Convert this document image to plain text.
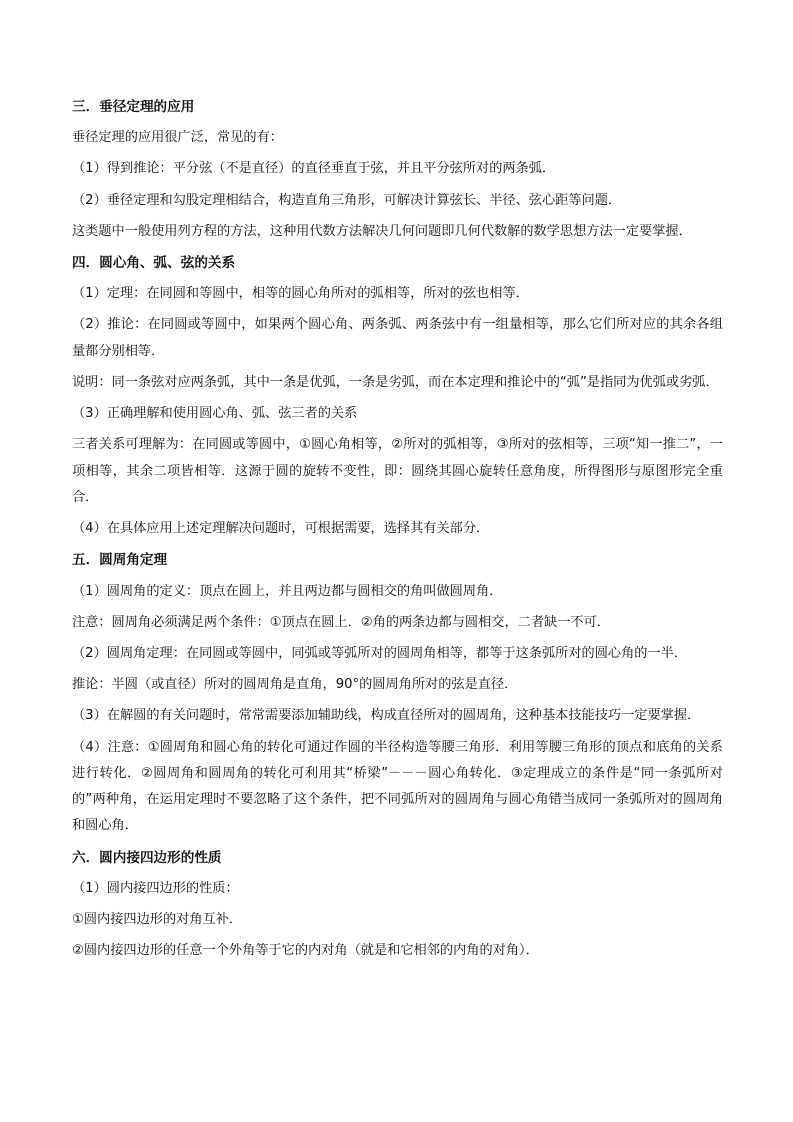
三．垂径定理的应用
垂径定理的应用很广泛，常见的有：
（1）得到推论：平分弦（不是直径）的直径垂直于弦，并且平分弦所对的两条弧．
（2）垂径定理和勾股定理相结合，构造直角三角形，可解决计算弦长、半径、弦心距等问题．
这类题中一般使用列方程的方法，这种用代数方法解决几何问题即几何代数解的数学思想方法一定要掌握．
四．圆心角、弧、弦的关系
（1）定理：在同圆和等圆中，相等的圆心角所对的弧相等，所对的弦也相等．
（2）推论：在同圆或等圆中，如果两个圆心角、两条弧、两条弦中有一组量相等，那么它们所对应的其余各组量都分别相等．
说明：同一条弦对应两条弧，其中一条是优弧，一条是劣弧，而在本定理和推论中的“弧”是指同为优弧或劣弧．
（3）正确理解和使用圆心角、弧、弦三者的关系
三者关系可理解为：在同圆或等圆中，①圆心角相等，②所对的弧相等，③所对的弦相等，三项“知一推二”，一项相等，其余二项皆相等．这源于圆的旋转不变性，即：圆绕其圆心旋转任意角度，所得图形与原图形完全重合．
（4）在具体应用上述定理解决问题时，可根据需要，选择其有关部分．
五．圆周角定理
（1）圆周角的定义：顶点在圆上，并且两边都与圆相交的角叫做圆周角．
注意：圆周角必须满足两个条件：①顶点在圆上．②角的两条边都与圆相交，二者缺一不可．
（2）圆周角定理：在同圆或等圆中，同弧或等弧所对的圆周角相等，都等于这条弧所对的圆心角的一半．
推论：半圆（或直径）所对的圆周角是直角，90°的圆周角所对的弦是直径．
（3）在解圆的有关问题时，常常需要添加辅助线，构成直径所对的圆周角，这种基本技能技巧一定要掌握．
（4）注意：①圆周角和圆心角的转化可通过作圆的半径构造等腰三角形．利用等腰三角形的顶点和底角的关系进行转化．②圆周角和圆周角的转化可利用其“桥梁”－－－圆心角转化．③定理成立的条件是“同一条弧所对的”两种角，在运用定理时不要忽略了这个条件，把不同弧所对的圆周角与圆心角错当成同一条弧所对的圆周角和圆心角．
六．圆内接四边形的性质
（1）圆内接四边形的性质：
①圆内接四边形的对角互补．
②圆内接四边形的任意一个外角等于它的内对角（就是和它相邻的内角的对角）．
